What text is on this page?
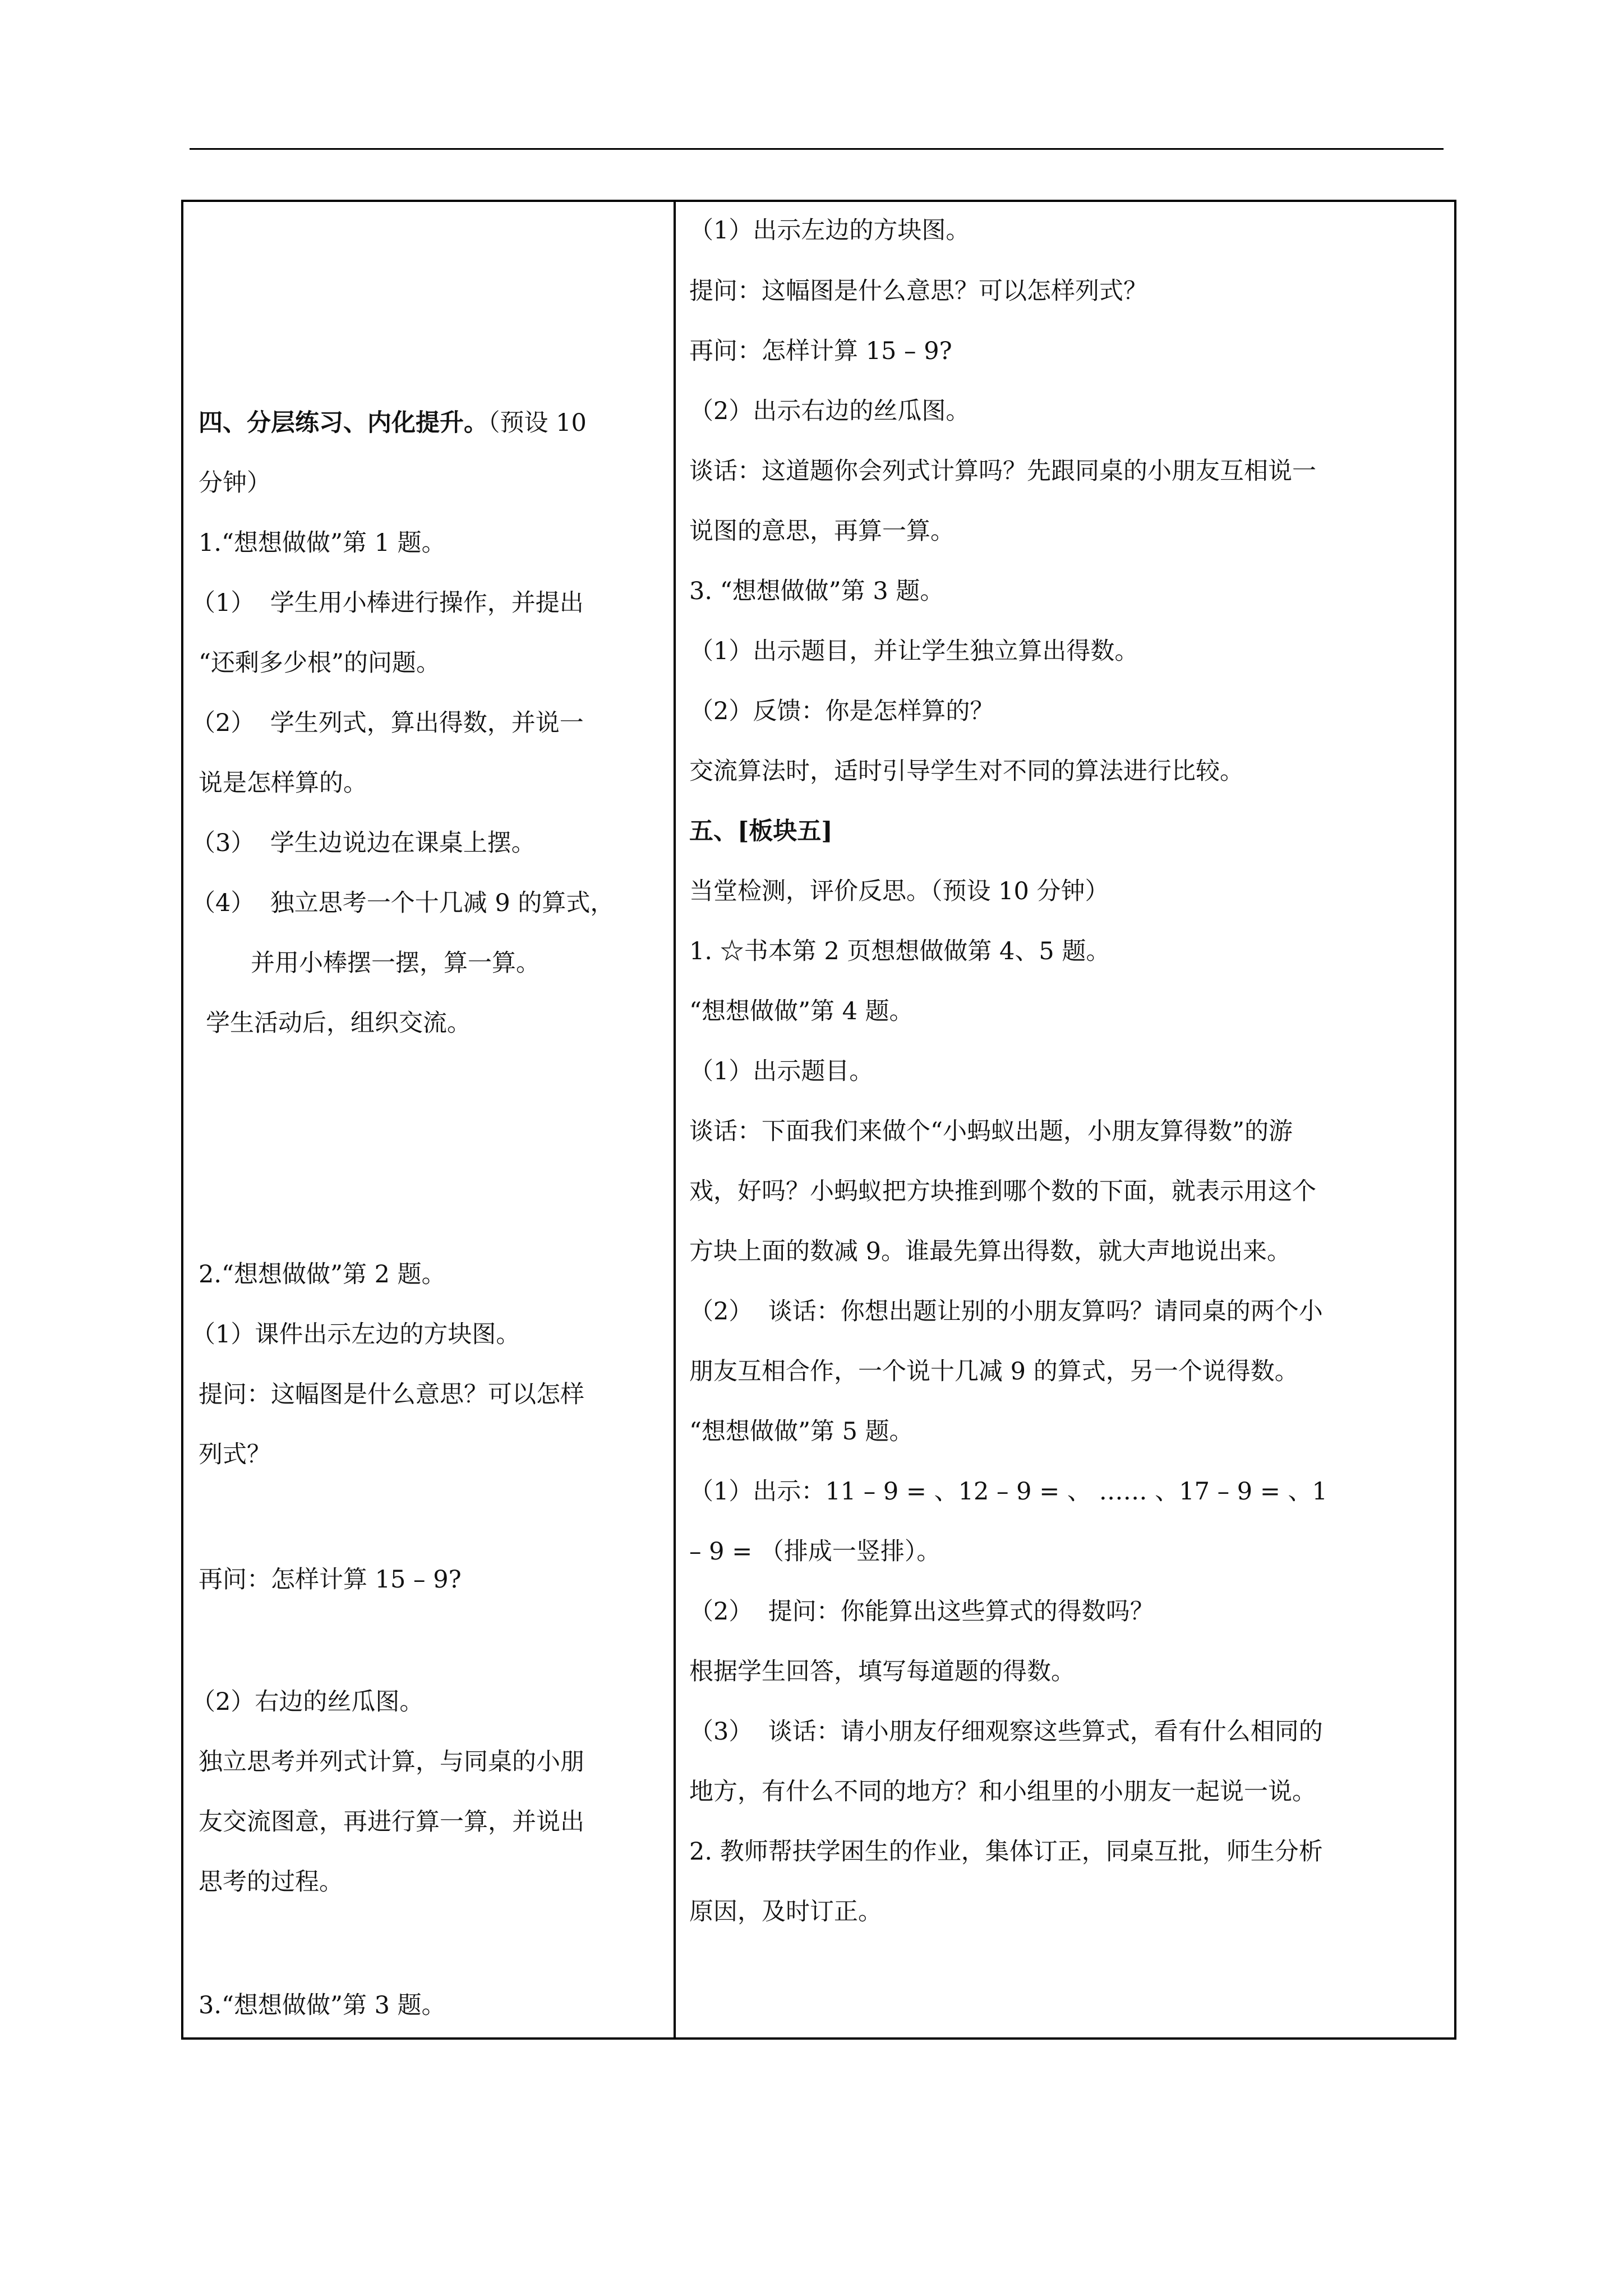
四、分层练习、内化提升。（预设 10
分钟）
1.“想想做做”第 1 题。
（1）  学生用小棒进行操作，并提出
“还剩多少根”的问题。
（2）  学生列式，算出得数，并说一
说是怎样算的。
（3）  学生边说边在课桌上摆。
（4）  独立思考一个十几减 9 的算式，
并用小棒摆一摆，算一算。
学生活动后，组织交流。
2.“想想做做”第 2 题。
（1）课件出示左边的方块图。
提问：这幅图是什么意思？可以怎样
列式？
再问：怎样计算 15 – 9?
（2）右边的丝瓜图。
独立思考并列式计算，与同桌的小朋
友交流图意，再进行算一算，并说出
思考的过程。
3.“想想做做”第 3 题。
（1）出示左边的方块图。
提问：这幅图是什么意思？可以怎样列式？
再问：怎样计算 15 – 9?
（2）出示右边的丝瓜图。
谈话：这道题你会列式计算吗？先跟同桌的小朋友互相说一
说图的意思，再算一算。
3. “想想做做”第 3 题。
（1）出示题目，并让学生独立算出得数。
（2）反馈：你是怎样算的？
交流算法时，适时引导学生对不同的算法进行比较。
五、[板块五]
当堂检测，评价反思。（预设 10 分钟）
1. ☆书本第 2 页想想做做第 4、5 题。
“想想做做”第 4 题。
（1）出示题目。
谈话：下面我们来做个“小蚂蚁出题，小朋友算得数”的游
戏，好吗？小蚂蚁把方块推到哪个数的下面，就表示用这个
方块上面的数减 9。谁最先算出得数，就大声地说出来。
（2）  谈话：你想出题让别的小朋友算吗？请同桌的两个小
朋友互相合作，一个说十几减 9 的算式，另一个说得数。
“想想做做”第 5 题。
（1）出示：11 – 9 = 、12 – 9 = 、 …… 、17 – 9 = 、1
– 9 = （排成一竖排）。
（2）  提问：你能算出这些算式的得数吗？
根据学生回答，填写每道题的得数。
（3）  谈话：请小朋友仔细观察这些算式，看有什么相同的
地方，有什么不同的地方？和小组里的小朋友一起说一说。
2. 教师帮扶学困生的作业，集体订正，同桌互批，师生分析
原因，及时订正。
